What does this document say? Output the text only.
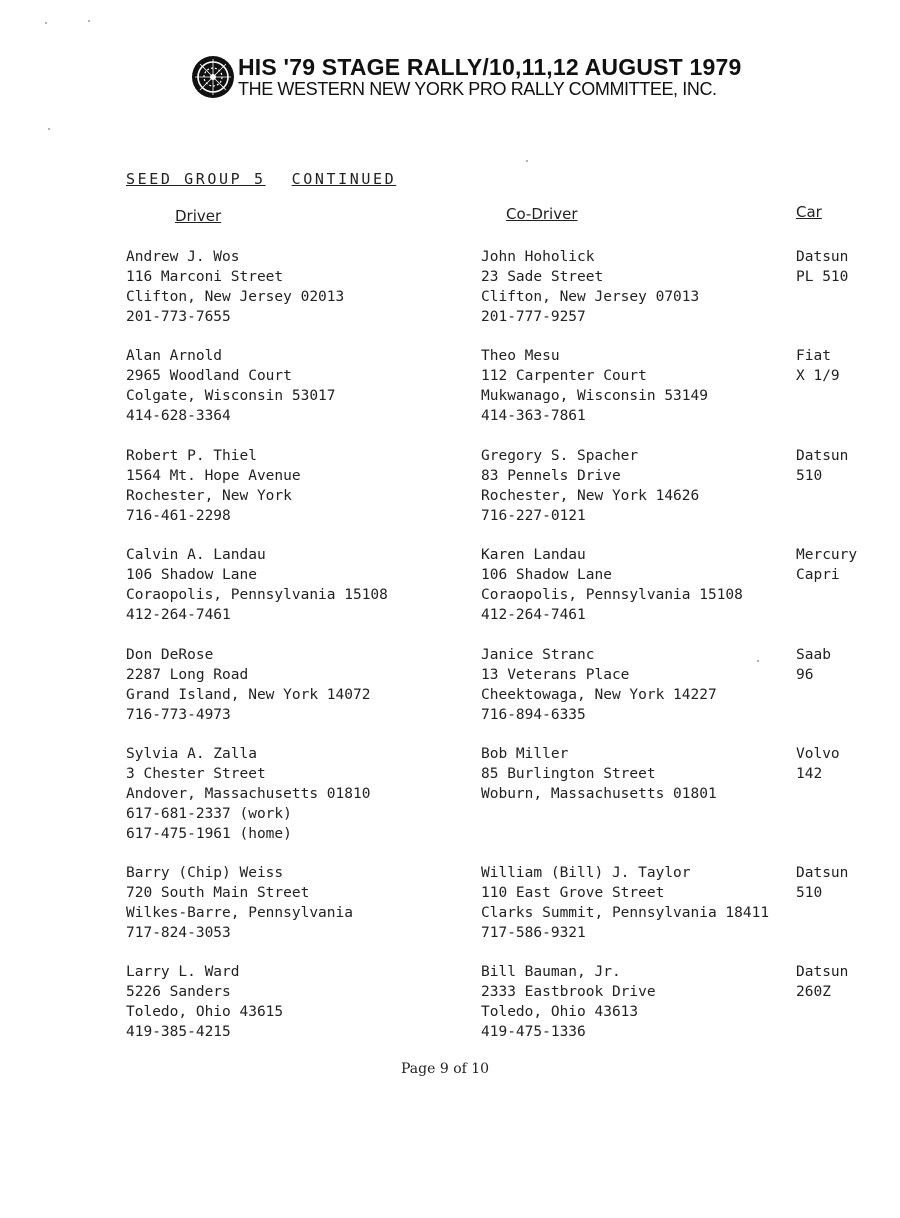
HIS '79 STAGE RALLY/10,11,12 AUGUST 1979
THE WESTERN NEW YORK PRO RALLY COMMITTEE, INC.
SEED GROUP 5 CONTINUED
Driver	Co-Driver	Car
Andrew J. Wos
116 Marconi Street
Clifton, New Jersey 02013
201-773-7655
John Hoholick
23 Sade Street
Clifton, New Jersey 07013
201-777-9257
Datsun
PL 510
Alan Arnold
2965 Woodland Court
Colgate, Wisconsin 53017
414-628-3364
Theo Mesu
112 Carpenter Court
Mukwanago, Wisconsin 53149
414-363-7861
Fiat
X 1/9
Robert P. Thiel
1564 Mt. Hope Avenue
Rochester, New York
716-461-2298
Gregory S. Spacher
83 Pennels Drive
Rochester, New York 14626
716-227-0121
Datsun
510
Calvin A. Landau
106 Shadow Lane
Coraopolis, Pennsylvania 15108
412-264-7461
Karen Landau
106 Shadow Lane
Coraopolis, Pennsylvania 15108
412-264-7461
Mercury
Capri
Don DeRose
2287 Long Road
Grand Island, New York 14072
716-773-4973
Janice Stranc
13 Veterans Place
Cheektowaga, New York 14227
716-894-6335
Saab
96
Sylvia A. Zalla
3 Chester Street
Andover, Massachusetts 01810
617-681-2337 (work)
617-475-1961 (home)
Bob Miller
85 Burlington Street
Woburn, Massachusetts 01801
Volvo
142
Barry (Chip) Weiss
720 South Main Street
Wilkes-Barre, Pennsylvania
717-824-3053
William (Bill) J. Taylor
110 East Grove Street
Clarks Summit, Pennsylvania 18411
717-586-9321
Datsun
510
Larry L. Ward
5226 Sanders
Toledo, Ohio 43615
419-385-4215
Bill Bauman, Jr.
2333 Eastbrook Drive
Toledo, Ohio 43613
419-475-1336
Datsun
260Z
Page 9 of 10
